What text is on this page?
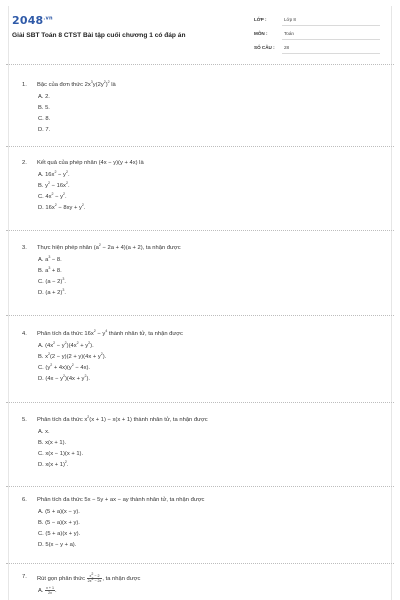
$2048^{.vn}$
Giải SBT Toán 8 CTST Bài tập cuối chương 1 có đáp án
LỚP :	Lớp 8
MÔN :	Toán
SỐ CÂU : 28
1. Bậc của đơn thức $2x^3y(2y^2)^2$ là
A. 2.
B. 5.
C. 8.
D. 7.
2. Kết quả của phép nhân (4x − y)(y + 4x) là
A. $16x^2 - y^2$.
B. $y^2 - 16x^2$.
C. $4x^2 - y^2$.
D. $16x^2 - 8xy + y^2$.
3. Thực hiện phép nhân $(a^2 - 2a + 4)(a + 2)$, ta nhận được
A. $a^3 - 8$.
B. $a^3 + 8$.
C. $(a - 2)^3$.
D. $(a + 2)^3$.
4. Phân tích đa thức $16x^2 - y^4$ thành nhân tử, ta nhận được
A. $(4x^2 - y^2)(4x^2 + y^2)$.
B. $x^2(2 - y)(2 + y)(4x + y^2)$.
C. $(y^2 + 4x)(y^2 - 4x)$.
D. $(4x - y^2)(4x + y^2)$.
5. Phân tích đa thức $x^2(x + 1) - x(x + 1)$ thành nhân tử, ta nhận được
A. x.
B. x(x + 1).
C. x(x − 1)(x + 1).
D. $x(x + 1)^2$.
6. Phân tích đa thức 5x − 5y + ax − ay thành nhân tử, ta nhận được
A. (5 + a)(x − y).
B. (5 − a)(x + y).
C. (5 + a)(x + y).
D. 5(x − y + a).
7. Rút gọn phân thức $\frac{x^2 - 2}{2x^2 - 2x}$ , ta nhận được
A. $\frac{x + 1}{2x}$ .
